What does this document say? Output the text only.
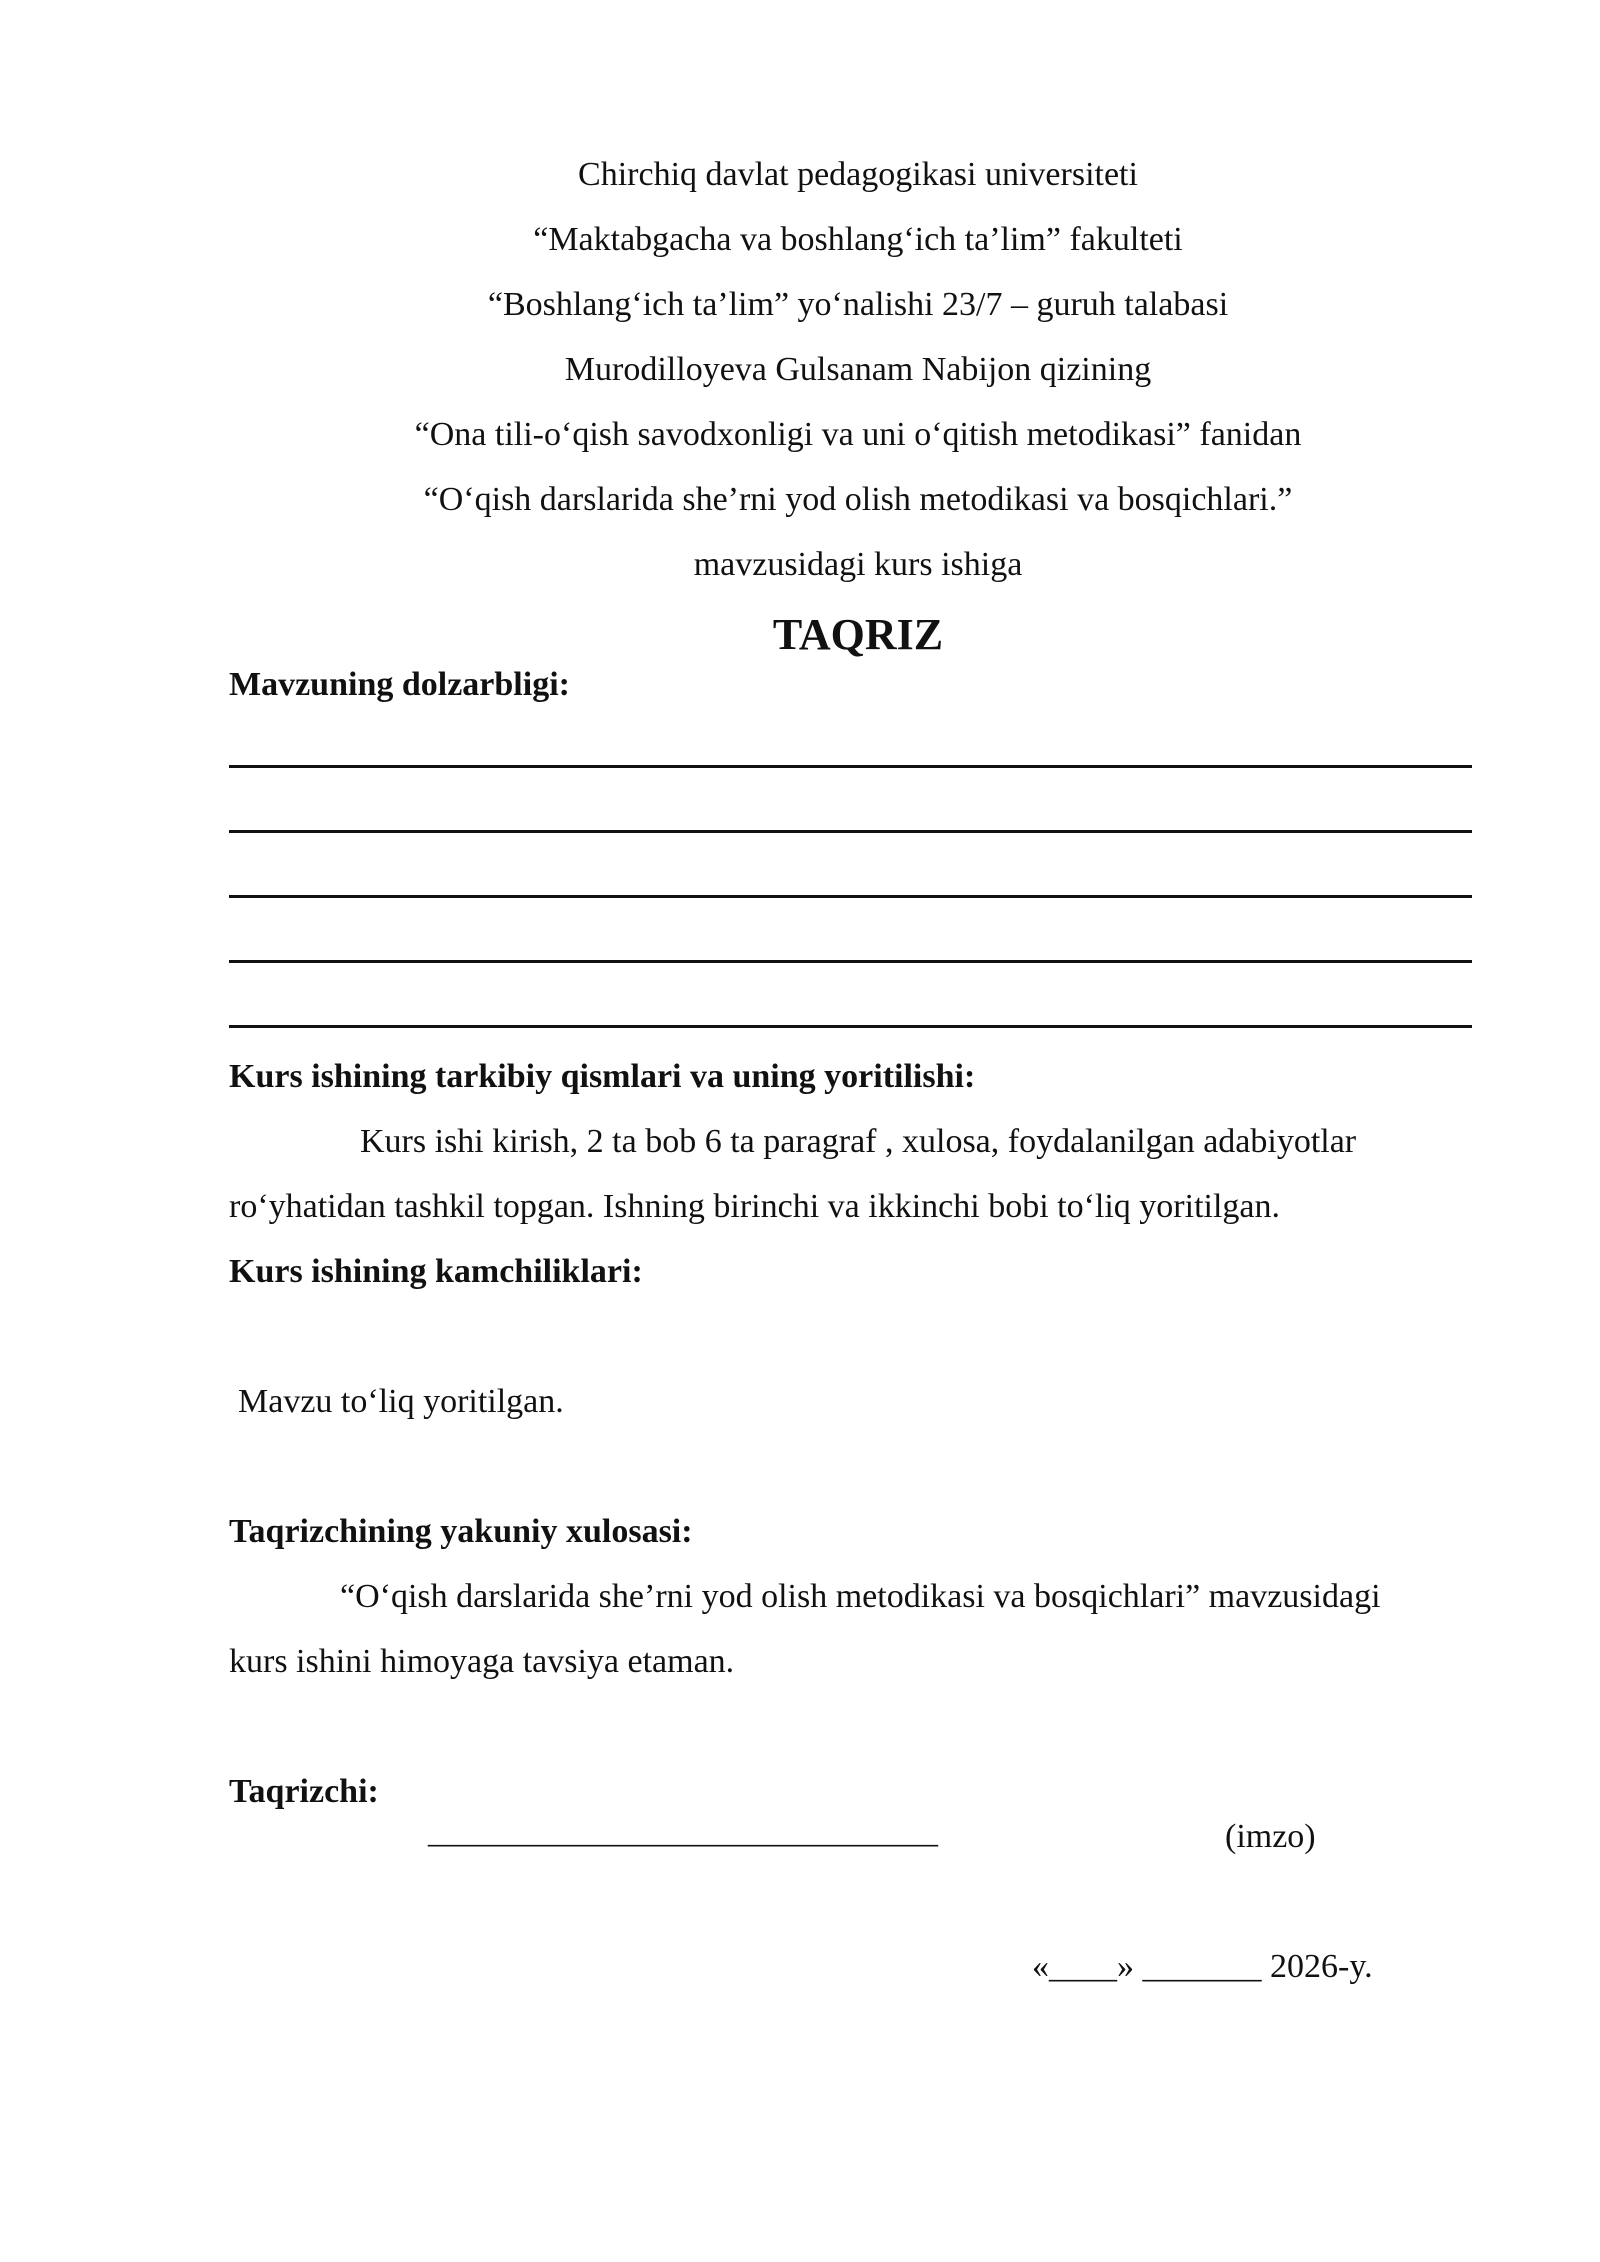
Chirchiq davlat pedagogikasi universiteti
“Maktabgacha va boshlang‘ich ta’lim” fakulteti
“Boshlang‘ich ta’lim” yo‘nalishi 23/7 – guruh talabasi
Murodilloyeva Gulsanam Nabijon qizining
“Ona tili-o‘qish savodxonligi va uni o‘qitish metodikasi” fanidan
“O‘qish darslarida she’rni yod olish metodikasi va bosqichlari.”
mavzusidagi kurs ishiga
TAQRIZ
Mavzuning dolzarbligi:
Kurs ishining tarkibiy qismlari va uning yoritilishi:
Kurs ishi kirish, 2 ta bob 6 ta paragraf , xulosa, foydalanilgan adabiyotlar
ro‘yhatidan tashkil topgan. Ishning birinchi va ikkinchi bobi to‘liq yoritilgan.
Kurs ishining kamchiliklari:
Mavzu to‘liq yoritilgan.
Taqrizchining yakuniy xulosasi:
“O‘qish darslarida she’rni yod olish metodikasi va bosqichlari” mavzusidagi
kurs ishini himoyaga tavsiya etaman.
Taqrizchi:
______________________________	(imzo)
«____» _______ 2026-y.
